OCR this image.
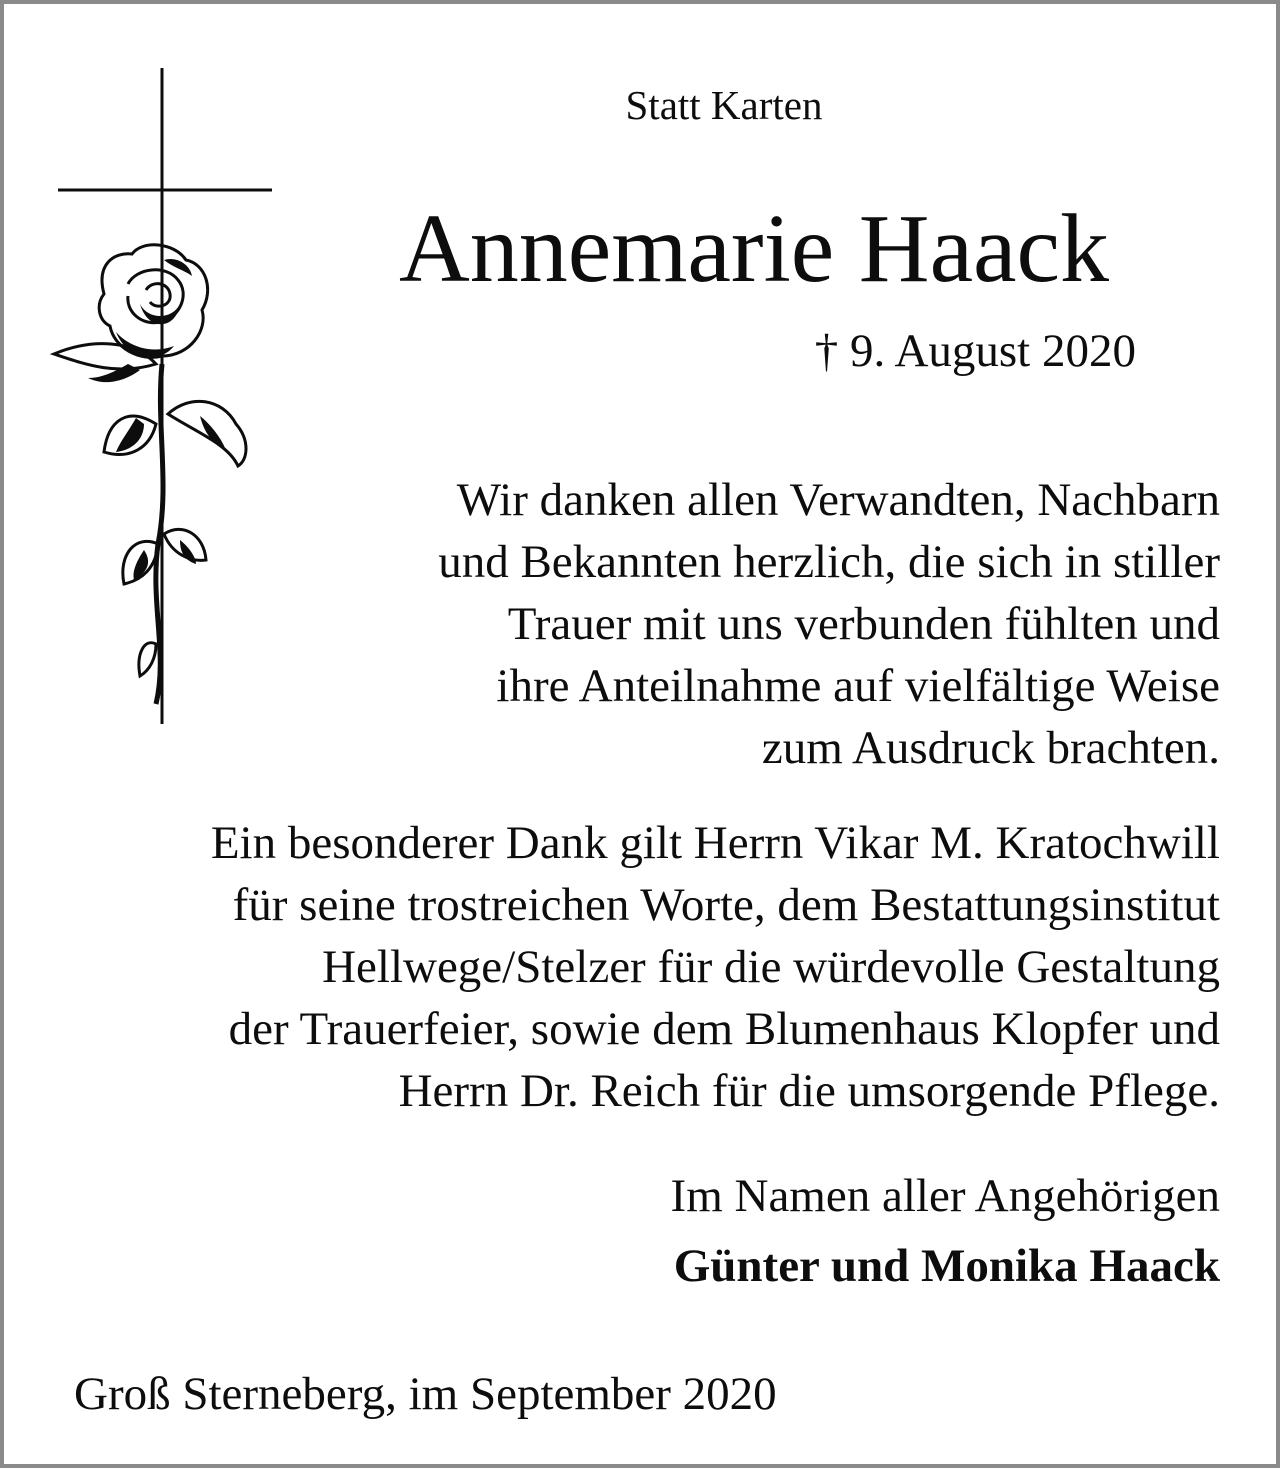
Statt Karten
Annemarie Haack
† 9. August 2020

Wir danken allen Verwandten, Nachbarn
und Bekannten herzlich, die sich in stiller
Trauer mit uns verbunden fühlten und
ihre Anteilnahme auf vielfältige Weise
zum Ausdruck brachten.

Ein besonderer Dank gilt Herrn Vikar M. Kratochwill
für seine trostreichen Worte, dem Bestattungsinstitut
Hellwege/Stelzer für die würdevolle Gestaltung
der Trauerfeier, sowie dem Blumenhaus Klopfer und
Herrn Dr. Reich für die umsorgende Pflege.

Im Namen aller Angehörigen
Günter und Monika Haack
Groß Sterneberg, im September 2020
